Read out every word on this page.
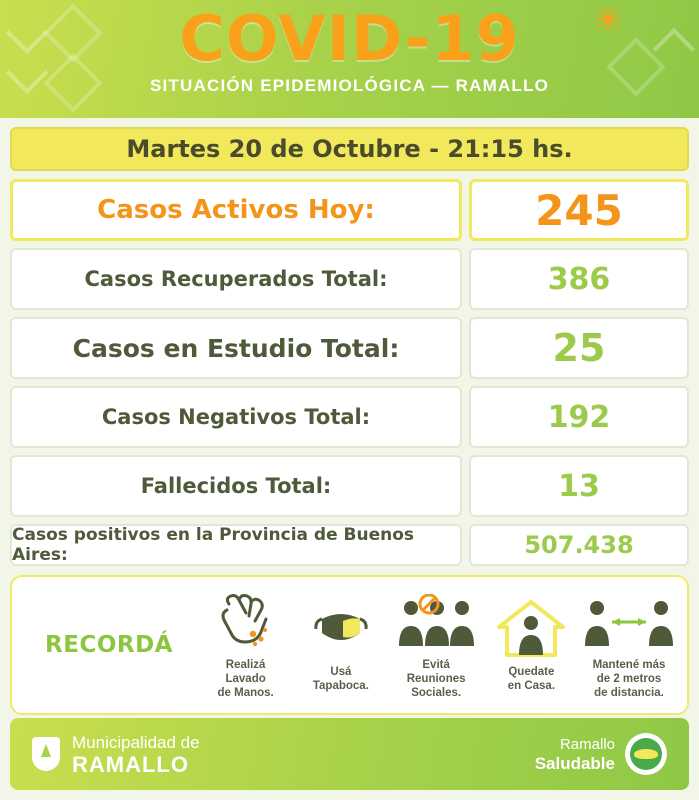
COVID-19
SITUACIÓN EPIDEMIOLÓGICA — RAMALLO
Martes 20 de Octubre - 21:15 hs.
Casos Activos Hoy:	245
Casos Recuperados Total:	386
Casos en Estudio Total:	25
Casos Negativos Total:	192
Fallecidos Total:	13
Casos positivos en la Provincia de Buenos Aires:	507.438
RECORDÁ
Realizá
Lavado
de Manos.
Usá
Tapaboca.
Evitá
Reuniones
Sociales.
Quedate
en Casa.
Mantené más
de 2 metros
de distancia.
Municipalidad de
RAMALLO
Ramallo
Saludable
